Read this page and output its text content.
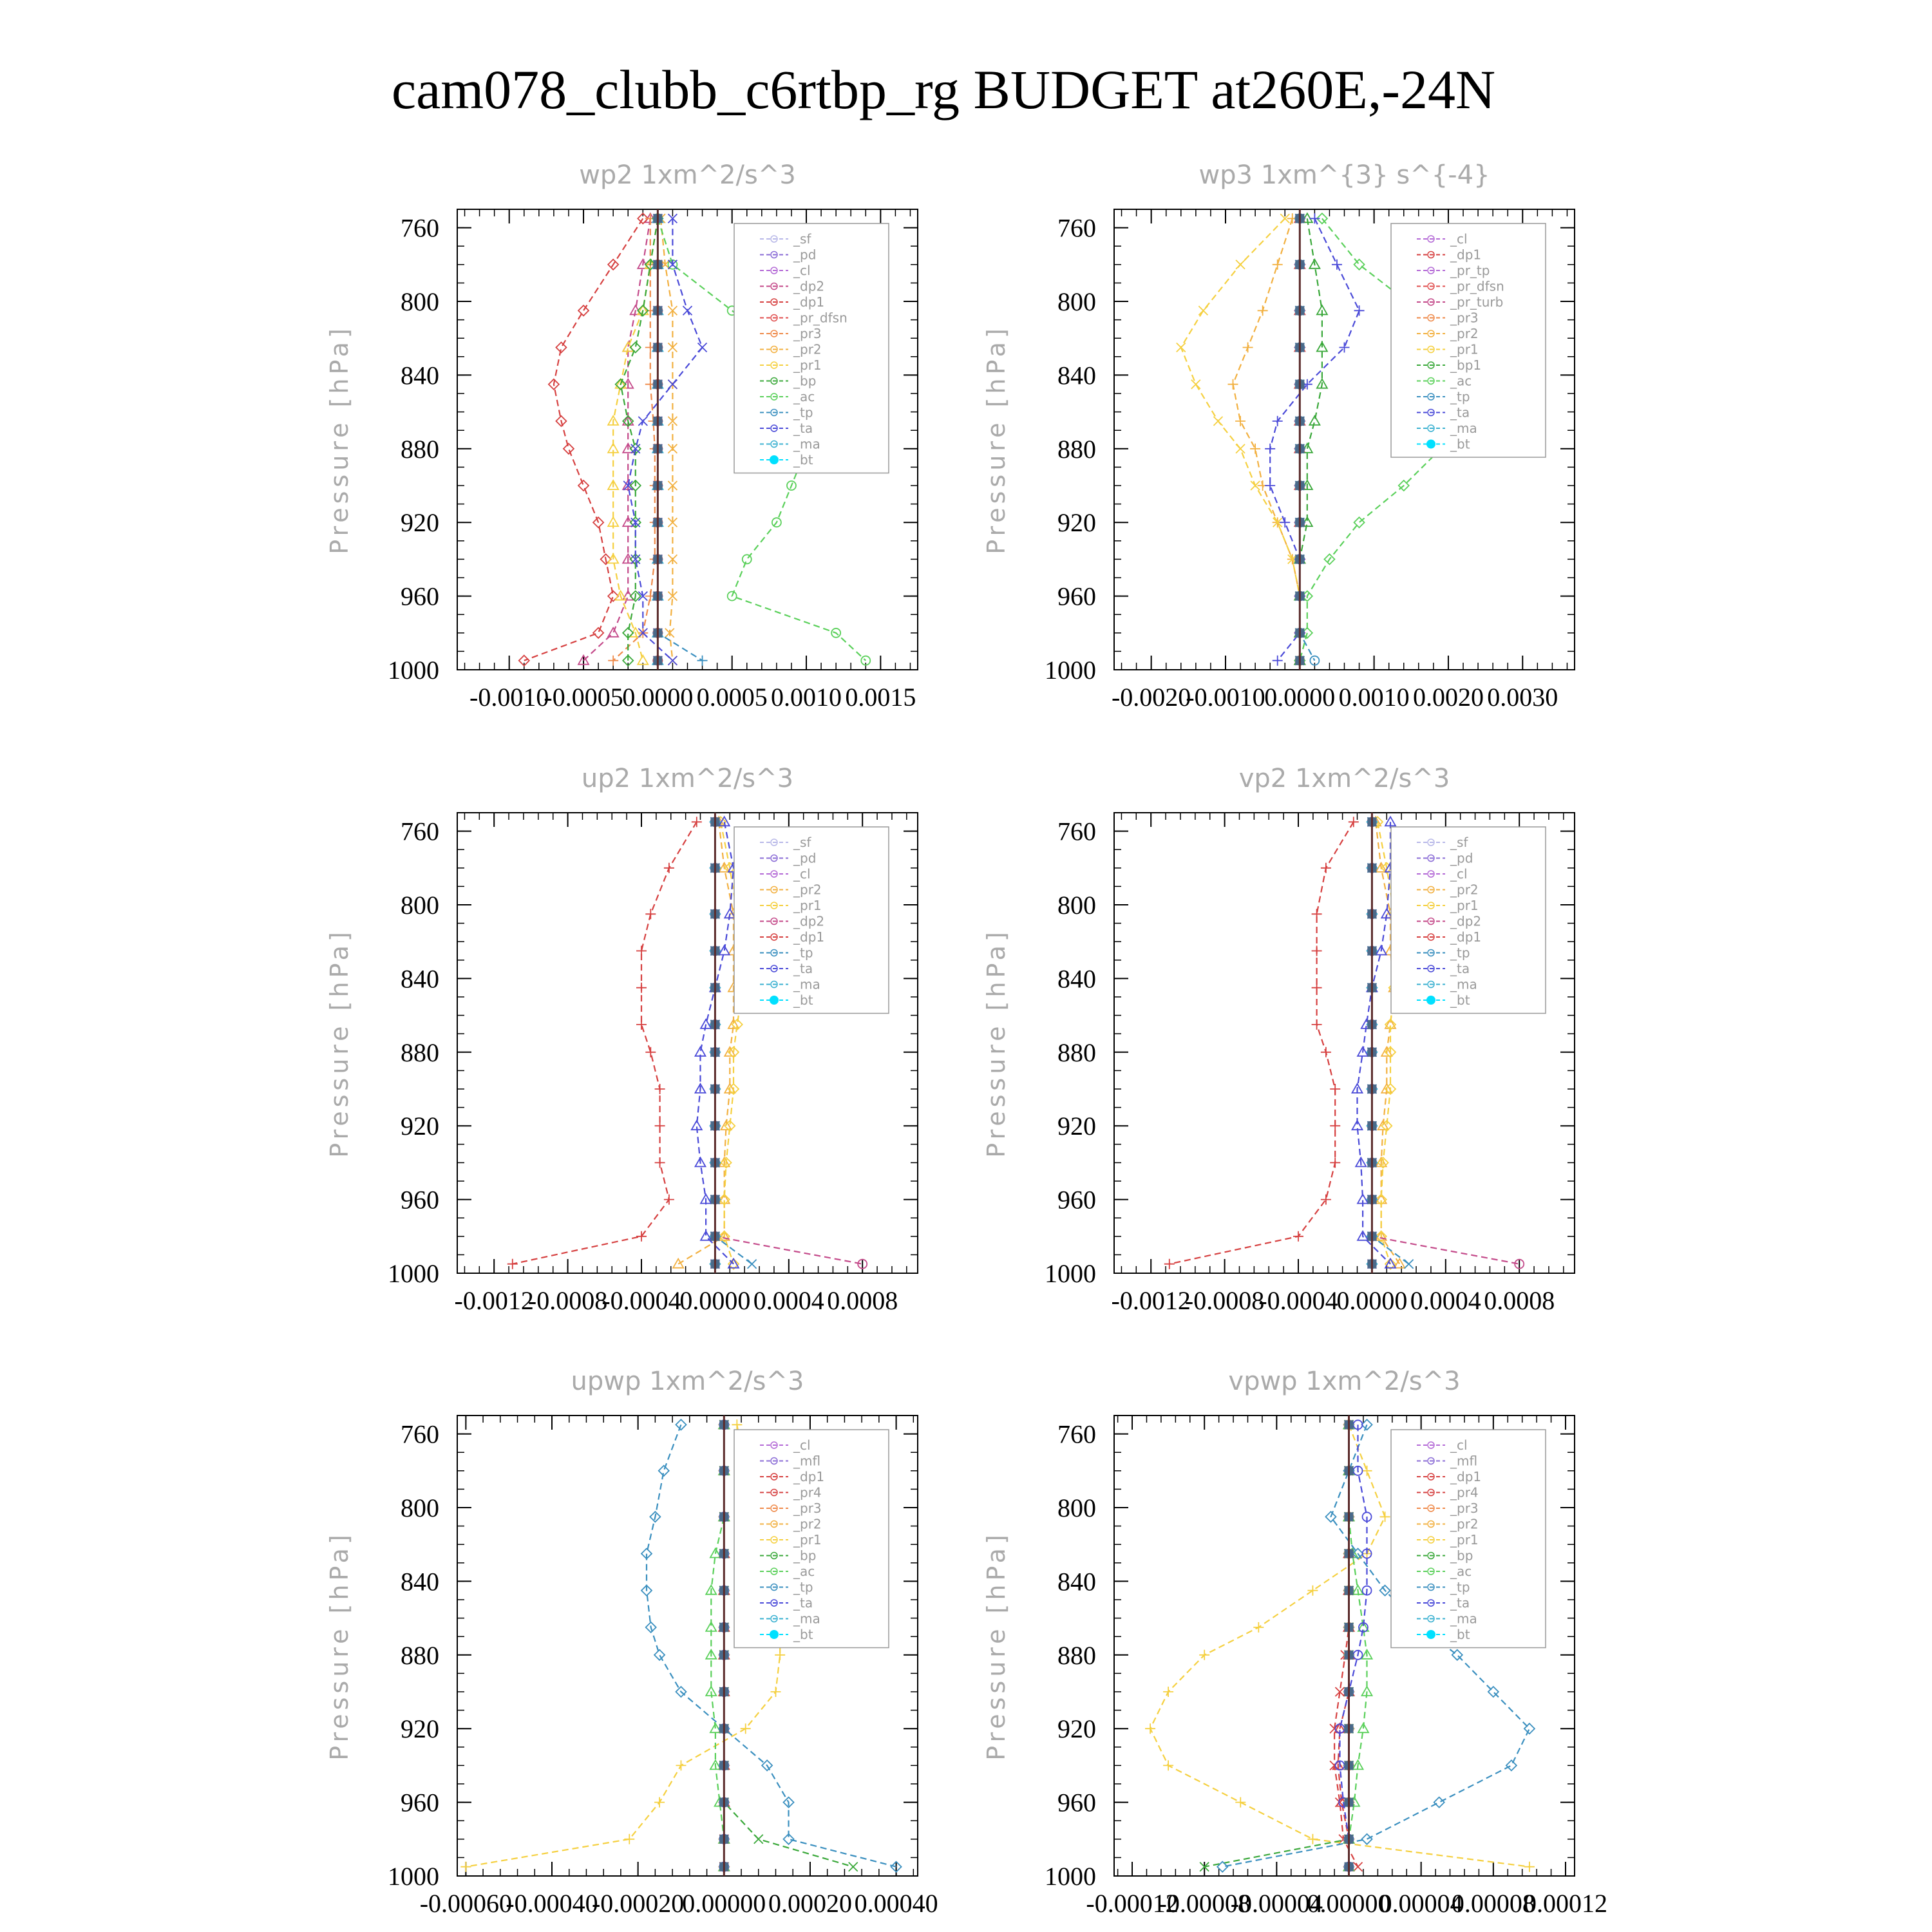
cam078_clubb_c6rtbp_rg BUDGET at260E,-24N
wp2 1xm^2/s^3
Pressure [hPa]
760
800
840
880
920
960
1000
-0.0010
-0.0005
0.0000 0.0005 0.0010 0.0015
_sf
_pd
_cl
_dp2
_dp1
_pr_dfsn
_pr3
_pr2
_pr1
_bp
_ac
_tp
_ta
_ma
_bt
wp3 1xm^{3} s^{-4}
Pressure [hPa]
760
800
840
880
920
960
1000
-0.0020
-0.0010
0.0000 0.0010 0.0020 0.0030
_cl
_dp1
_pr_tp
_pr_dfsn
_pr_turb
_pr3
_pr2
_pr1
_bp1
_ac
_tp
_ta
_ma
_bt
up2 1xm^2/s^3
Pressure [hPa]
760
800
840
880
920
960
1000
-0.0012
-0.0008
-0.0004
0.0000 0.0004 0.0008
_sf
_pd
_cl
_pr2
_pr1
_dp2
_dp1
_tp
_ta
_ma
_bt
vp2 1xm^2/s^3
Pressure [hPa]
760
800
840
880
920
960
1000
-0.0012
-0.0008
-0.0004
0.0000 0.0004 0.0008
_sf
_pd
_cl
_pr2
_pr1
_dp2
_dp1
_tp
_ta
_ma
_bt
upwp 1xm^2/s^3
Pressure [hPa]
760
800
840
880
920
960
1000
-0.00060
-0.00040
-0.00020
0.00000 0.00020 0.00040
_cl
_mfl
_dp1
_pr4
_pr3
_pr2
_pr1
_bp
_ac
_tp
_ta
_ma
_bt
vpwp 1xm^2/s^3
Pressure [hPa]
760
800
840
880
920
960
1000
-0.00012
-0.00008
-0.00004
0.00000
0.00004
0.00008
0.00012
_cl
_mfl
_dp1
_pr4
_pr3
_pr2
_pr1
_bp
_ac
_tp
_ta
_ma
_bt
